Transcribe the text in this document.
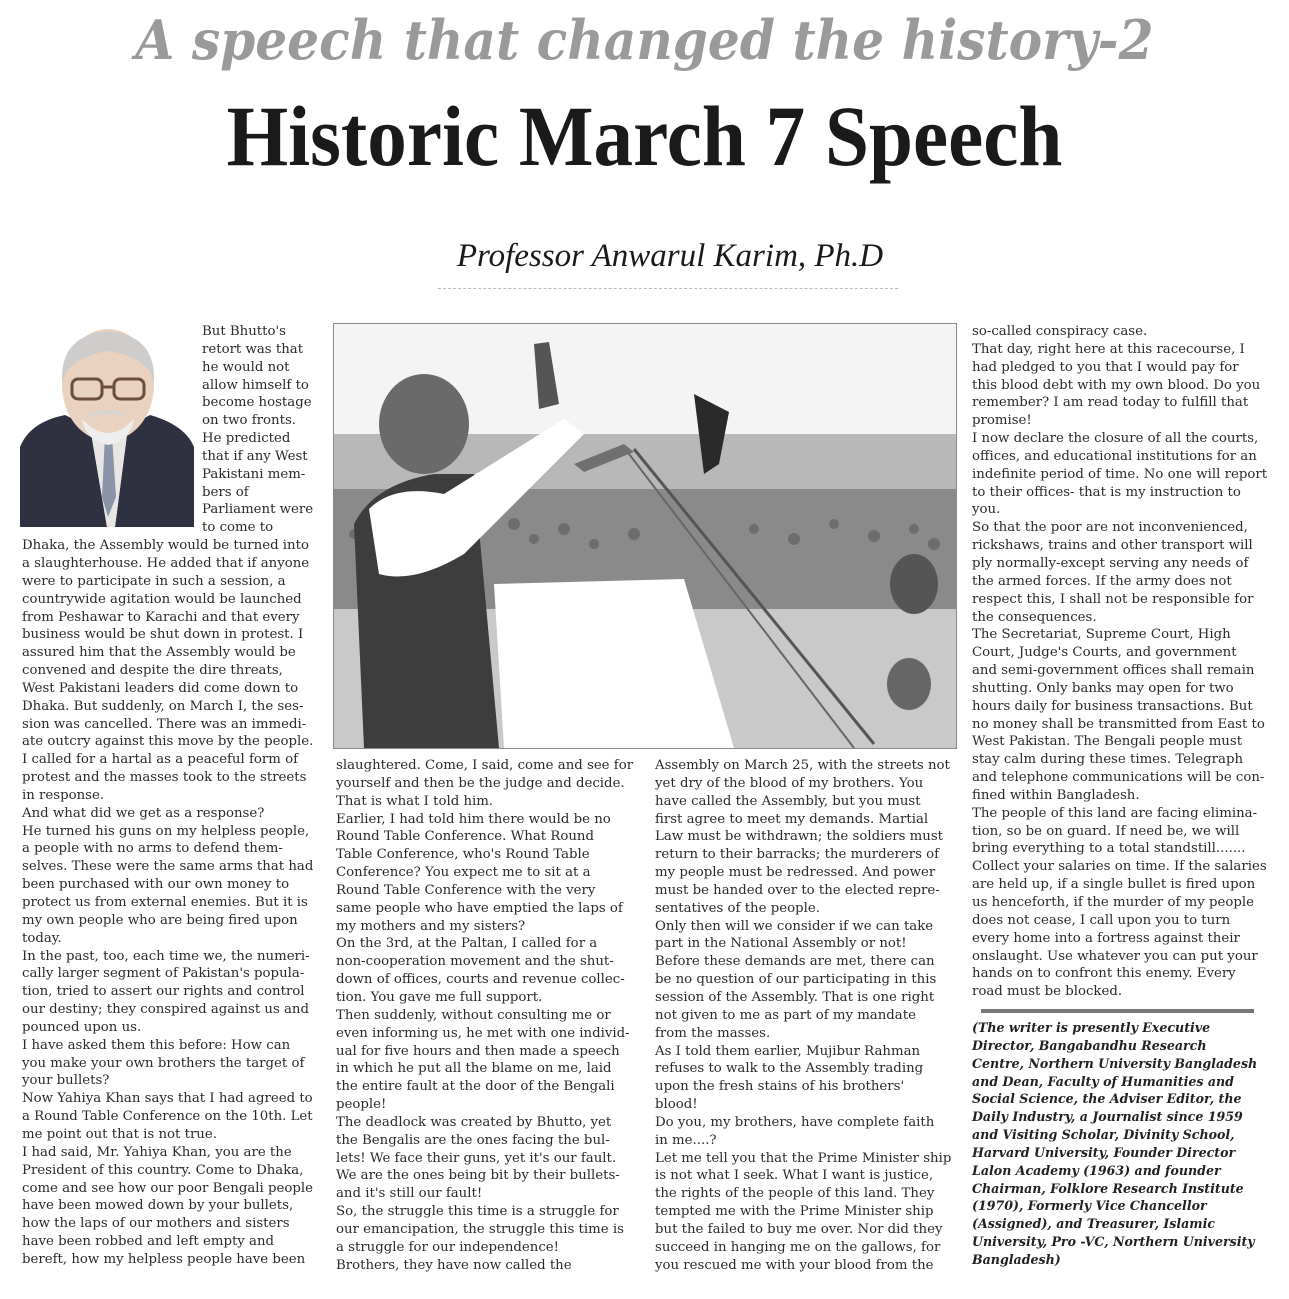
A speech that changed the history-2
Historic March 7 Speech
Professor Anwarul Karim, Ph.D
But Bhutto's
retort was that
he would not
allow himself to
become hostage
on two fronts.
He predicted
that if any West
Pakistani mem-
bers of
Parliament were
to come to
Dhaka, the Assembly would be turned into
a slaughterhouse. He added that if anyone
were to participate in such a session, a
countrywide agitation would be launched
from Peshawar to Karachi and that every
business would be shut down in protest. I
assured him that the Assembly would be
convened and despite the dire threats,
West Pakistani leaders did come down to
Dhaka. But suddenly, on March I, the ses-
sion was cancelled. There was an immedi-
ate outcry against this move by the people.
I called for a hartal as a peaceful form of
protest and the masses took to the streets
in response.
And what did we get as a response?
He turned his guns on my helpless people,
a people with no arms to defend them-
selves. These were the same arms that had
been purchased with our own money to
protect us from external enemies. But it is
my own people who are being fired upon
today.
In the past, too, each time we, the numeri-
cally larger segment of Pakistan's popula-
tion, tried to assert our rights and control
our destiny; they conspired against us and
pounced upon us.
I have asked them this before: How can
you make your own brothers the target of
your bullets?
Now Yahiya Khan says that I had agreed to
a Round Table Conference on the 10th. Let
me point out that is not true.
I had said, Mr. Yahiya Khan, you are the
President of this country. Come to Dhaka,
come and see how our poor Bengali people
have been mowed down by your bullets,
how the laps of our mothers and sisters
have been robbed and left empty and
bereft, how my helpless people have been
slaughtered. Come, I said, come and see for
yourself and then be the judge and decide.
That is what I told him.
Earlier, I had told him there would be no
Round Table Conference. What Round
Table Conference, who's Round Table
Conference? You expect me to sit at a
Round Table Conference with the very
same people who have emptied the laps of
my mothers and my sisters?
On the 3rd, at the Paltan, I called for a
non-cooperation movement and the shut-
down of offices, courts and revenue collec-
tion. You gave me full support.
Then suddenly, without consulting me or
even informing us, he met with one individ-
ual for five hours and then made a speech
in which he put all the blame on me, laid
the entire fault at the door of the Bengali
people!
The deadlock was created by Bhutto, yet
the Bengalis are the ones facing the bul-
lets! We face their guns, yet it's our fault.
We are the ones being bit by their bullets-
and it's still our fault!
So, the struggle this time is a struggle for
our emancipation, the struggle this time is
a struggle for our independence!
Brothers, they have now called the
Assembly on March 25, with the streets not
yet dry of the blood of my brothers. You
have called the Assembly, but you must
first agree to meet my demands. Martial
Law must be withdrawn; the soldiers must
return to their barracks; the murderers of
my people must be redressed. And power
must be handed over to the elected repre-
sentatives of the people.
Only then will we consider if we can take
part in the National Assembly or not!
Before these demands are met, there can
be no question of our participating in this
session of the Assembly. That is one right
not given to me as part of my mandate
from the masses.
As I told them earlier, Mujibur Rahman
refuses to walk to the Assembly trading
upon the fresh stains of his brothers'
blood!
Do you, my brothers, have complete faith
in me....?
Let me tell you that the Prime Minister ship
is not what I seek. What I want is justice,
the rights of the people of this land. They
tempted me with the Prime Minister ship
but the failed to buy me over. Nor did they
succeed in hanging me on the gallows, for
you rescued me with your blood from the
so-called conspiracy case.
That day, right here at this racecourse, I
had pledged to you that I would pay for
this blood debt with my own blood. Do you
remember? I am read today to fulfill that
promise!
I now declare the closure of all the courts,
offices, and educational institutions for an
indefinite period of time. No one will report
to their offices- that is my instruction to
you.
So that the poor are not inconvenienced,
rickshaws, trains and other transport will
ply normally-except serving any needs of
the armed forces. If the army does not
respect this, I shall not be responsible for
the consequences.
The Secretariat, Supreme Court, High
Court, Judge's Courts, and government
and semi-government offices shall remain
shutting. Only banks may open for two
hours daily for business transactions. But
no money shall be transmitted from East to
West Pakistan. The Bengali people must
stay calm during these times. Telegraph
and telephone communications will be con-
fined within Bangladesh.
The people of this land are facing elimina-
tion, so be on guard. If need be, we will
bring everything to a total standstill.......
Collect your salaries on time. If the salaries
are held up, if a single bullet is fired upon
us henceforth, if the murder of my people
does not cease, I call upon you to turn
every home into a fortress against their
onslaught. Use whatever you can put your
hands on to confront this enemy. Every
road must be blocked.
(The writer is presently Executive
Director, Bangabandhu Research
Centre, Northern University Bangladesh
and Dean, Faculty of Humanities and
Social Science, the Adviser Editor, the
Daily Industry, a Journalist since 1959
and Visiting Scholar, Divinity School,
Harvard University, Founder Director
Lalon Academy (1963) and founder
Chairman, Folklore Research Institute
(1970), Formerly Vice Chancellor
(Assigned), and Treasurer, Islamic
University, Pro -VC, Northern University
Bangladesh)
